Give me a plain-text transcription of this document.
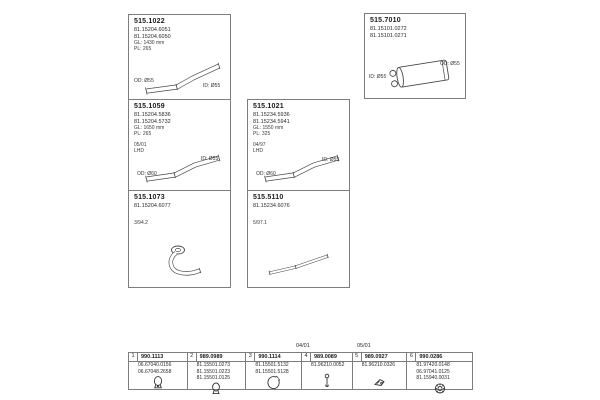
515.1022
81.15204.6051
81.15204.6050
GL: 1430 mm
PL: 265
OD: Ø55
ID: Ø55
515.7010
81.15101.0272
81.15101.0271
ID: Ø55
OD: Ø55
515.1059
81.15204.5836
81.15204.5732
GL: 1650 mm
PL: 265
05/01
LHD
OD: Ø60
ID: Ø55
515.1021
81.15234.5936
81.15234.5941
GL: 1550 mm
PL: 325
04/97
LHD
OD: Ø60
ID: Ø55
515.1073
81.15204.6077
3/94.2
515.5110
81.15234.6076
5/97.1
04/01	05/01
1	990.1113
06.67040.0156
06.67048.2658
2	989.0989
81.15501.0273
81.15501.0223
81.15501.0125
3	990.1114
81.15501.5132
81.15501.5128
4	989.0089
81.96210.0052
5	989.0927
81.96210.0326
6	990.0286
81.97420.0148
06.97041.0125
81.15940.0031
